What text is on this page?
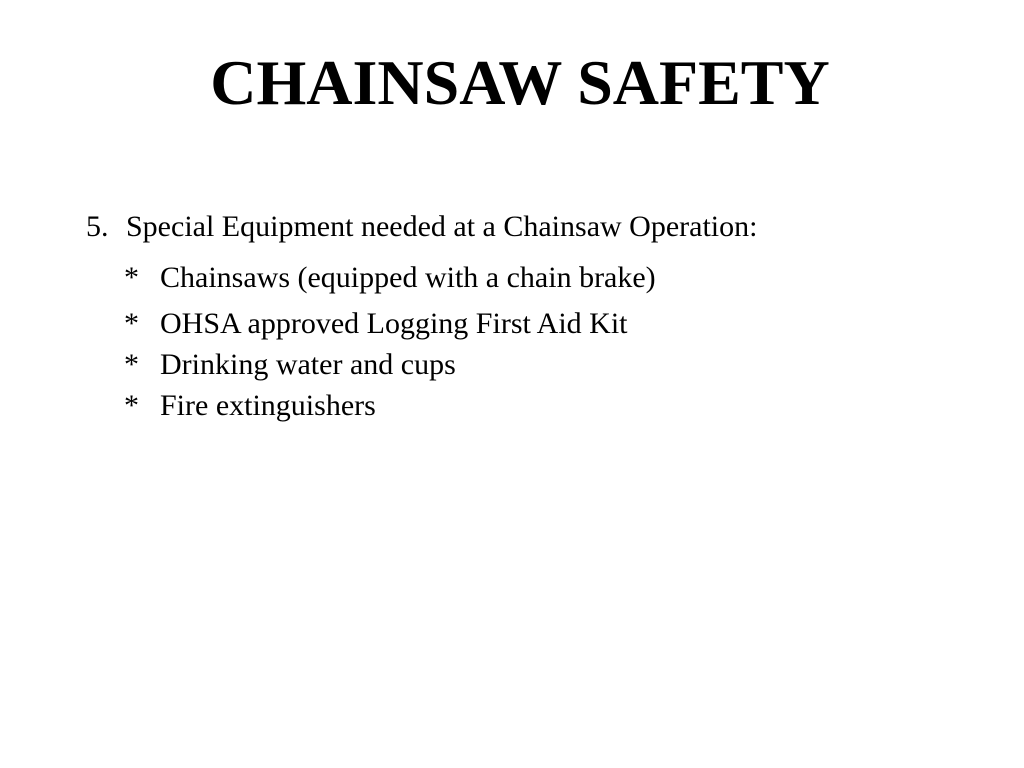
CHAINSAW SAFETY
5. Special Equipment needed at a Chainsaw Operation:
* Chainsaws (equipped with a chain brake)
* OHSA approved Logging First Aid Kit
* Drinking water and cups
* Fire extinguishers
